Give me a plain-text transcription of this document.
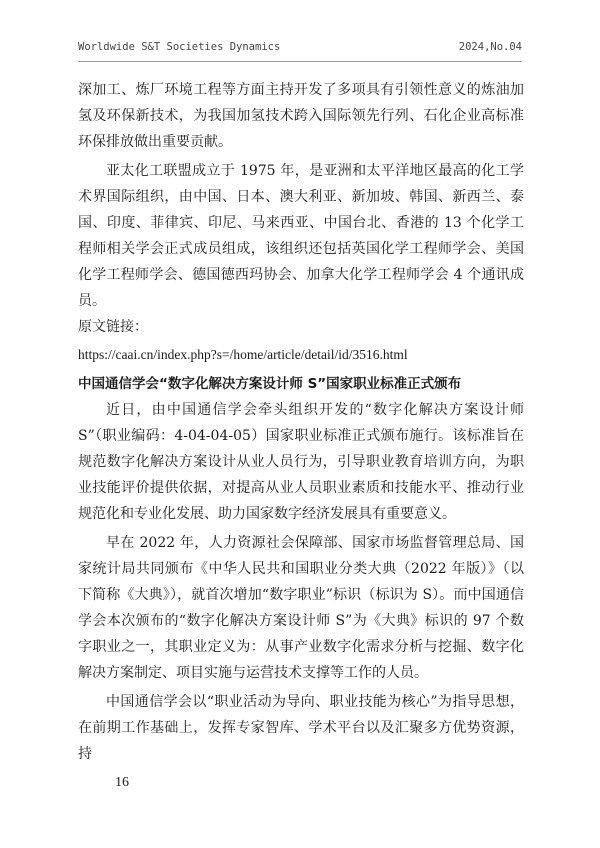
Worldwide S&T Societies Dynamics	2024,No.04

深加工、炼厂环境工程等方面主持开发了多项具有引领性意义的炼油加氢及环保新技术，为我国加氢技术跨入国际领先行列、石化企业高标准环保排放做出重要贡献。

亚太化工联盟成立于 1975 年，是亚洲和太平洋地区最高的化工学术界国际组织，由中国、日本、澳大利亚、新加坡、韩国、新西兰、泰国、印度、菲律宾、印尼、马来西亚、中国台北、香港的 13 个化学工程师相关学会正式成员组成，该组织还包括英国化学工程师学会、美国化学工程师学会、德国德西玛协会、加拿大化学工程师学会 4 个通讯成员。

原文链接：

https://caai.cn/index.php?s=/home/article/detail/id/3516.html

中国通信学会“数字化解决方案设计师 S”国家职业标准正式颁布

近日，由中国通信学会牵头组织开发的“数字化解决方案设计师 S”（职业编码：4-04-04-05）国家职业标准正式颁布施行。该标准旨在规范数字化解决方案设计从业人员行为，引导职业教育培训方向，为职业技能评价提供依据，对提高从业人员职业素质和技能水平、推动行业规范化和专业化发展、助力国家数字经济发展具有重要意义。

早在 2022 年，人力资源社会保障部、国家市场监督管理总局、国家统计局共同颁布《中华人民共和国职业分类大典（2022 年版）》（以下简称《大典》），就首次增加“数字职业”标识（标识为 S）。而中国通信学会本次颁布的“数字化解决方案设计师 S”为《大典》标识的 97 个数字职业之一，其职业定义为：从事产业数字化需求分析与挖掘、数字化解决方案制定、项目实施与运营技术支撑等工作的人员。

中国通信学会以“职业活动为导向、职业技能为核心”为指导思想，在前期工作基础上，发挥专家智库、学术平台以及汇聚多方优势资源，持

16
